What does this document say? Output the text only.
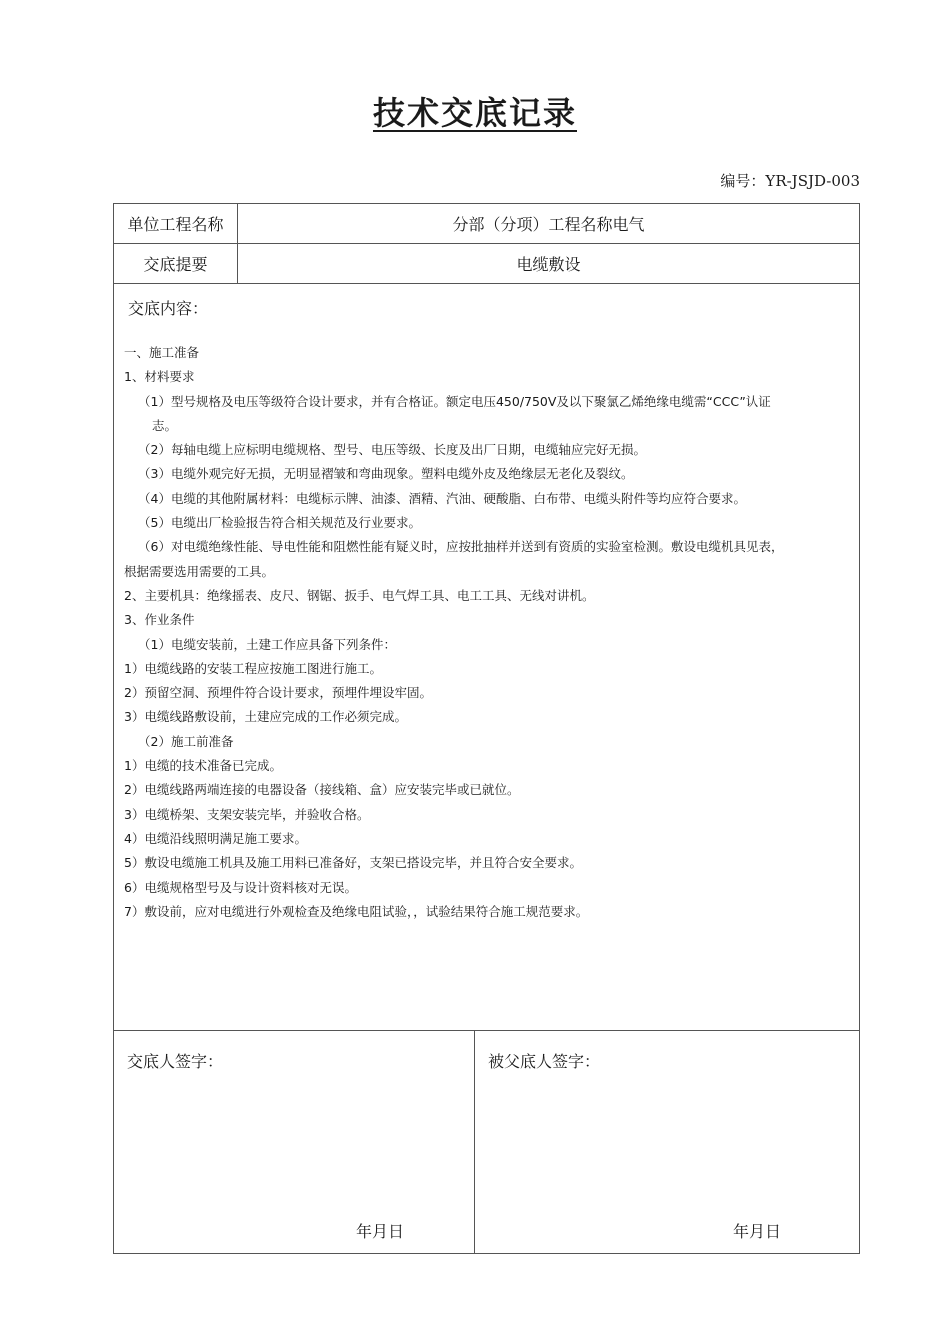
技术交底记录
编号：YR-JSJD-003
单位工程名称	分部（分项）工程名称电气
交底提要	电缆敷设
交底内容：
一、施工准备
1、材料要求
（1）型号规格及电压等级符合设计要求，并有合格证。额定电压450/750V及以下聚氯乙烯绝缘电缆需“CCC”认证
志。
（2）每轴电缆上应标明电缆规格、型号、电压等级、长度及出厂日期，电缆轴应完好无损。
（3）电缆外观完好无损，无明显褶皱和弯曲现象。塑料电缆外皮及绝缘层无老化及裂纹。
（4）电缆的其他附属材料：电缆标示牌、油漆、酒精、汽油、硬酸脂、白布带、电缆头附件等均应符合要求。
（5）电缆出厂检验报告符合相关规范及行业要求。
（6）对电缆绝缘性能、导电性能和阻燃性能有疑义时，应按批抽样并送到有资质的实验室检测。敷设电缆机具见表，
根据需要选用需要的工具。
2、主要机具：绝缘摇表、皮尺、钢锯、扳手、电气焊工具、电工工具、无线对讲机。
3、作业条件
（1）电缆安装前，土建工作应具备下列条件：
1）电缆线路的安装工程应按施工图进行施工。
2）预留空洞、预埋件符合设计要求，预埋件埋设牢固。
3）电缆线路敷设前，土建应完成的工作必须完成。
（2）施工前准备
1）电缆的技术准备已完成。
2）电缆线路两端连接的电器设备（接线箱、盒）应安装完毕或已就位。
3）电缆桥架、支架安装完毕，并验收合格。
4）电缆沿线照明满足施工要求。
5）敷设电缆施工机具及施工用料已准备好，支架已搭设完毕，并且符合安全要求。
6）电缆规格型号及与设计资料核对无误。
7）敷设前，应对电缆进行外观检查及绝缘电阻试验，，试验结果符合施工规范要求。
交底人签字：
年月日
被父底人签字：
年月日
